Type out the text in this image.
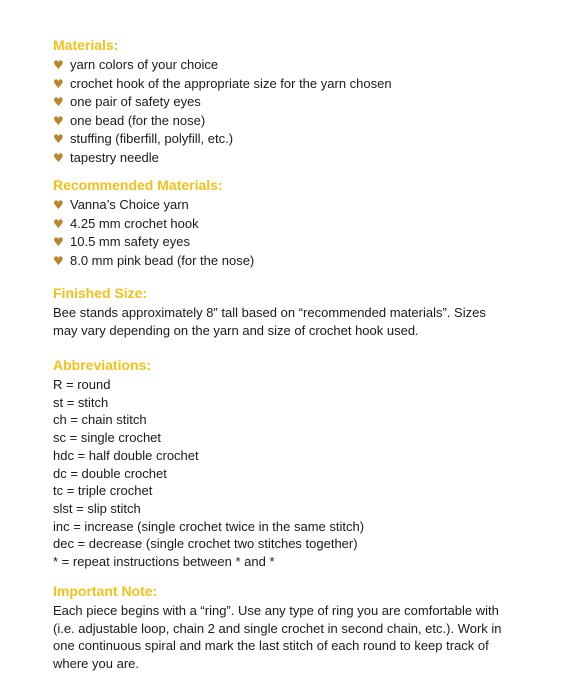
Materials:
♥ yarn colors of your choice
♥ crochet hook of the appropriate size for the yarn chosen
♥ one pair of safety eyes
♥ one bead (for the nose)
♥ stuffing (fiberfill, polyfill, etc.)
♥ tapestry needle
Recommended Materials:
♥ Vanna’s Choice yarn
♥ 4.25 mm crochet hook
♥ 10.5 mm safety eyes
♥ 8.0 mm pink bead (for the nose)
Finished Size:
Bee stands approximately 8” tall based on “recommended materials”. Sizes
may vary depending on the yarn and size of crochet hook used.
Abbreviations:
R = round
st = stitch
ch = chain stitch
sc = single crochet
hdc = half double crochet
dc = double crochet
tc = triple crochet
slst = slip stitch
inc = increase (single crochet twice in the same stitch)
dec = decrease (single crochet two stitches together)
* = repeat instructions between * and *
Important Note:
Each piece begins with a “ring”. Use any type of ring you are comfortable with
(i.e. adjustable loop, chain 2 and single crochet in second chain, etc.). Work in
one continuous spiral and mark the last stitch of each round to keep track of
where you are.
